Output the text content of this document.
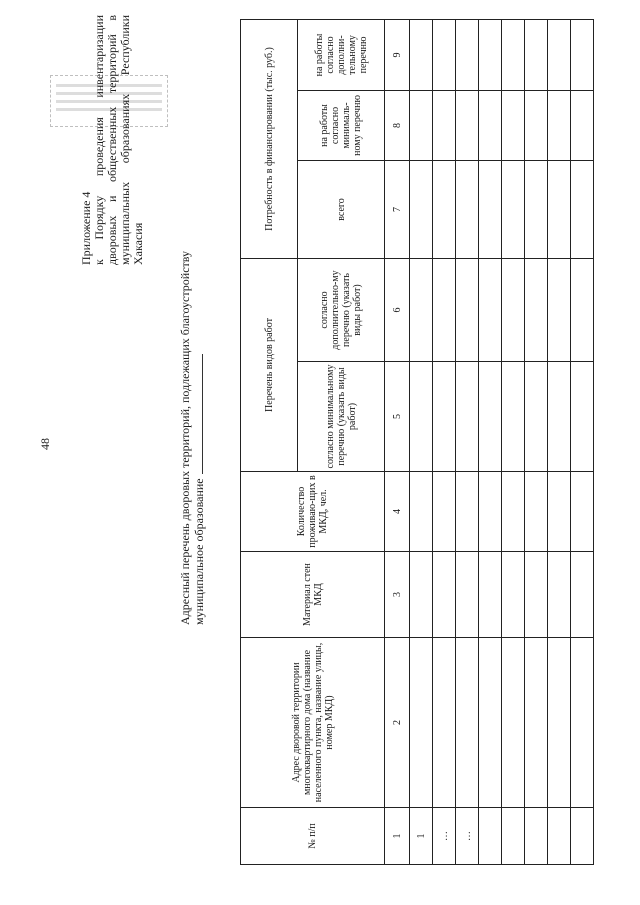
48
Приложение 4 к Порядку проведения инвентаризации дворовых и общественных территорий в муниципальных образованиях Республики Хакасия
Адресный перечень дворовых территорий, подлежащих благоустройству муниципальное образование
№ п/п	Адрес дворовой территории многоквартирного дома (название населенного пункта, название улицы, номер МКД)	Материал стен МКД	Количество проживаю-щих в МКД, чел.	Перечень видов работ		Потребность в финансировании (тыс. руб.)		
				согласно минимальному перечню (указать виды работ)	согласно дополнительно-му перечню (указать виды работ)	всего	на работы согласно минималь-ному перечню	на работы согласно дополни-тельному перечню
1	2	3	4	5	6	7	8	9
1								
…								
…								
